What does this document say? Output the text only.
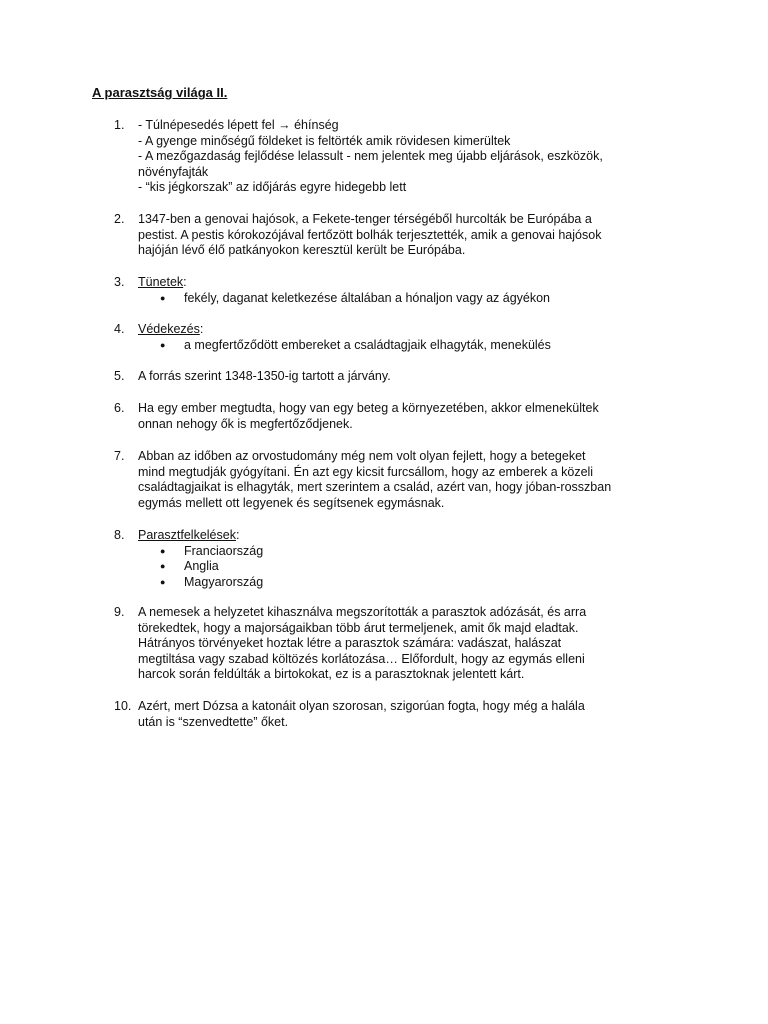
A parasztság világa II.
1. - Túlnépesedés lépett fel → éhínség
- A gyenge minőségű földeket is feltörték amik rövidesen kimerültek
- A mezőgazdaság fejlődése lelassult - nem jelentek meg újabb eljárások, eszközök,
növényfajták
- “kis jégkorszak” az időjárás egyre hidegebb lett
2. 1347-ben a genovai hajósok, a Fekete-tenger térségéből hurcolták be Európába a
pestist. A pestis kórokozójával fertőzött bolhák terjesztették, amik a genovai hajósok
hajóján lévő élő patkányokon keresztül került be Európába.
3. Tünetek:
● fekély, daganat keletkezése általában a hónaljon vagy az ágyékon
4. Védekezés:
● a megfertőződött embereket a családtagjaik elhagyták, menekülés
5. A forrás szerint 1348-1350-ig tartott a járvány.
6. Ha egy ember megtudta, hogy van egy beteg a környezetében, akkor elmenekültek
onnan nehogy ők is megfertőződjenek.
7. Abban az időben az orvostudomány még nem volt olyan fejlett, hogy a betegeket
mind megtudják gyógyítani. Én azt egy kicsit furcsállom, hogy az emberek a közeli
családtagjaikat is elhagyták, mert szerintem a család, azért van, hogy jóban-rosszban
egymás mellett ott legyenek és segítsenek egymásnak.
8. Parasztfelkelések:
● Franciaország
● Anglia
● Magyarország
9. A nemesek a helyzetet kihasználva megszorították a parasztok adózását, és arra
törekedtek, hogy a majorságaikban több árut termeljenek, amit ők majd eladtak.
Hátrányos törvényeket hoztak létre a parasztok számára: vadászat, halászat
megtiltása vagy szabad költözés korlátozása… Előfordult, hogy az egymás elleni
harcok során feldúlták a birtokokat, ez is a parasztoknak jelentett kárt.
10. Azért, mert Dózsa a katonáit olyan szorosan, szigorúan fogta, hogy még a halála
után is “szenvedtette” őket.
